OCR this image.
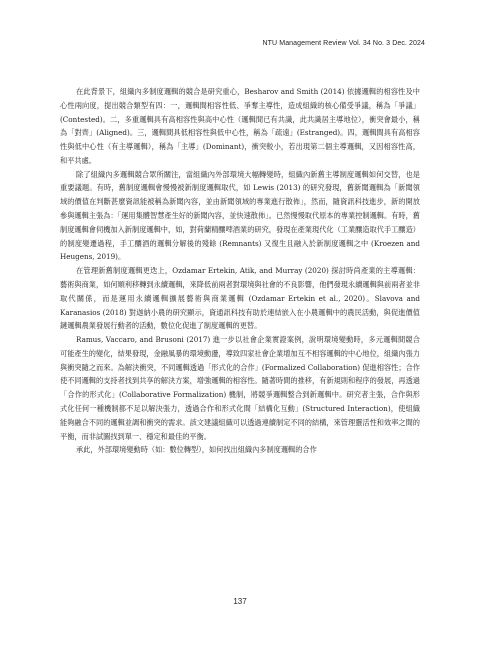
NTU Management Review Vol. 34 No. 3 Dec. 2024

在此背景下，組織內多制度邏輯的競合是研究重心，Besharov and Smith (2014) 依據邏輯的相容性及中心性兩向度，提出競合類型有四：一，邏輯間相容性低、爭奪主導性，造成組織的核心備受爭議，稱為「爭議」(Contested)。二，多重邏輯具有高相容性與高中心性（邏輯間已有共識，此共識居主導地位），衝突會最小，稱為「對齊」(Aligned)。三，邏輯間具低相容性與低中心性，稱為「疏遠」(Estranged)。四，邏輯間具有高相容性與低中心性（有主導邏輯），稱為「主導」(Dominant)，衝突較小，若出現第二個主導邏輯，又因相容性高，和平共處。

除了組織內多邏輯競合眾所關注，當組織內外部環境大幅轉變時，組織內新舊主導制度邏輯如何交替，也是重要議題。有時，舊制度邏輯會慢慢被新制度邏輯取代，如 Lewis (2013) 的研究發現，舊新聞邏輯為「新聞領域的價值在判斷甚麼資訊能被稱為新聞內容，並由新聞領域的專業進行散佈」，然而，隨資訊科技進步，新的開放參與邏輯主張為：「運用集體智慧產生好的新聞內容，並快速散佈」。已然慢慢取代原本的專業控制邏輯。有時，舊制度邏輯會伺機加入新制度邏輯中，如，對荷蘭精釀啤酒業的研究，發現在產業現代化（工業釀造取代手工釀造）的制度變遷過程，手工釀酒的邏輯分解後的殘餘 (Remnants) 又復生且融入於新制度邏輯之中 (Kroezen and Heugens, 2019)。

在管理新舊制度邏輯更迭上，Ozdamar Ertekin, Atik, and Murray (2020) 探討時尚產業的主導邏輯：藝術與商業，如何順利移轉到永續邏輯，來降低前兩者對環境與社會的不良影響，他們發現永續邏輯與前兩者並非取代關係，而是運用永續邏輯擴展藝術與商業邏輯 (Ozdamar Ertekin et al., 2020)。Slavova and Karanasios (2018) 對迦納小農的研究顯示，資通訊科技有助於連結嵌入在小農邏輯中的農民活動，與促進價值鏈邏輯農業發展行動者的活動，數位化促進了制度邏輯的更替。

Ramus, Vaccaro, and Brusoni (2017) 進一步以社會企業實證案例，說明環境變動時，多元邏輯間競合可能產生的變化，結果發現，金融風暴的環境動盪，導致四家社會企業增加互不相容邏輯的中心地位，組織內張力與衝突隨之而來。為解決衝突，不同邏輯透過「形式化的合作」(Formalized Collaboration) 促進相容性；合作使不同邏輯的支持者找到共享的解決方案，增強邏輯的相容性。隨著時間的推移，有新規則和程序的發展，再透過「合作的形式化」(Collaborative Formalization) 機制，將競爭邏輯整合到新邏輯中。研究者主張，合作與形式化任何一種機制都不足以解決張力，透過合作和形式化間「結構化互動」(Structured Interaction)，使組織能夠融合不同的邏輯並調和衝突的需求。該文建議組織可以透過連續制定不同的結構，來管理靈活性和效率之間的平衡，而非試圖找到單一、穩定和最佳的平衡。

承此，外部環境變動時（如：數位轉型），如何找出組織內多制度邏輯的合作

137
